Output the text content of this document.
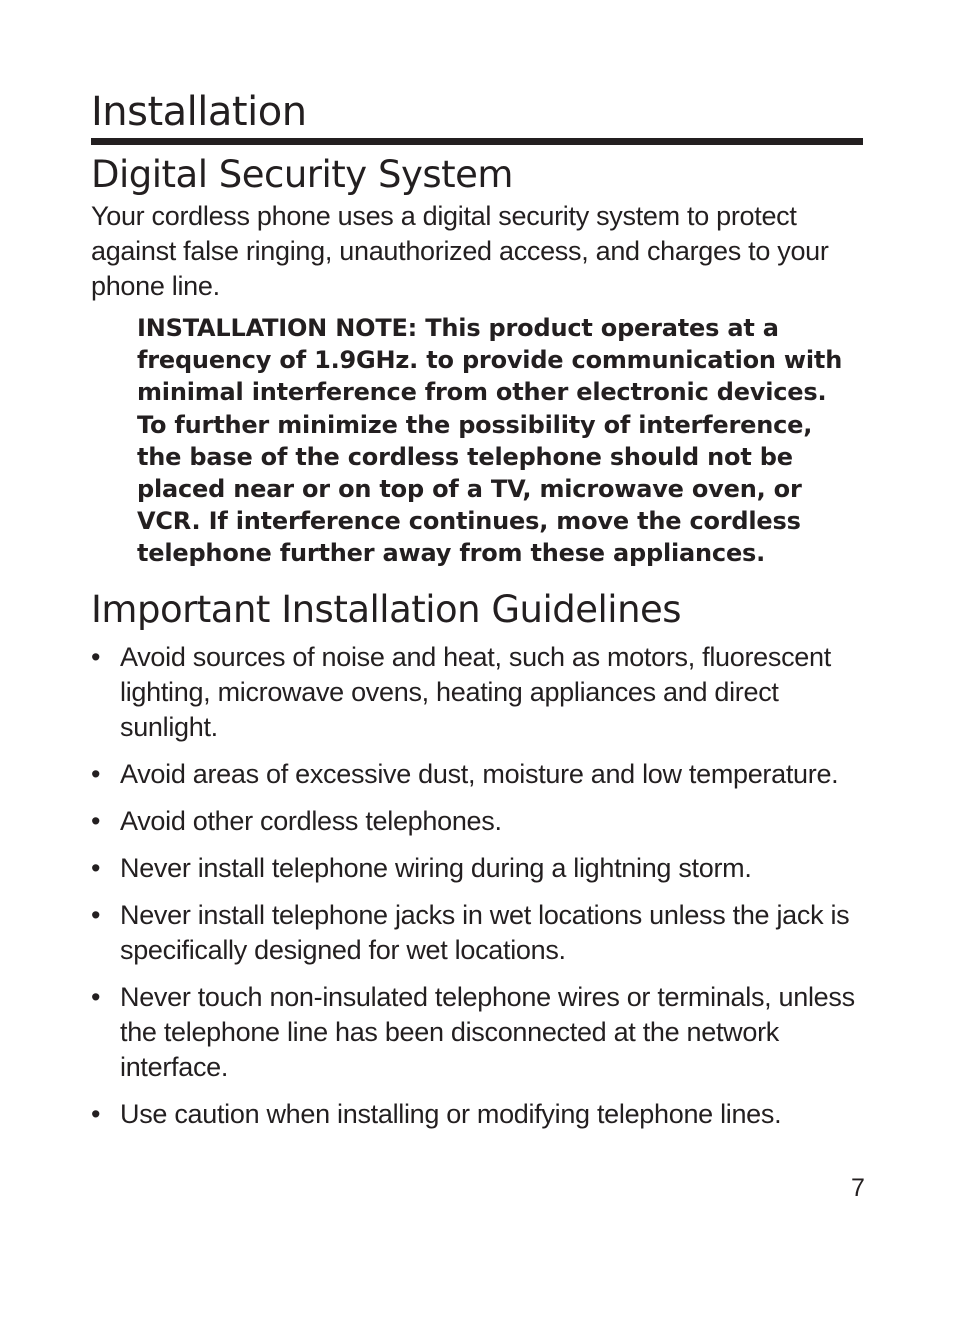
Installation
Digital Security System

Your cordless phone uses a digital security system to protect against false ringing, unauthorized access, and charges to your phone line.

INSTALLATION NOTE: This product operates at a frequency of 1.9GHz. to provide communication with minimal interference from other electronic devices. To further minimize the possibility of interference, the base of the cordless telephone should not be placed near or on top of a TV, microwave oven, or VCR. If interference continues, move the cordless telephone further away from these appliances.

Important Installation Guidelines
• Avoid sources of noise and heat, such as motors, fluorescent lighting, microwave ovens, heating appliances and direct sunlight.
• Avoid areas of excessive dust, moisture and low temperature.
• Avoid other cordless telephones.
• Never install telephone wiring during a lightning storm.
• Never install telephone jacks in wet locations unless the jack is specifically designed for wet locations.
• Never touch non-insulated telephone wires or terminals, unless the telephone line has been disconnected at the network interface.
• Use caution when installing or modifying telephone lines.
7
